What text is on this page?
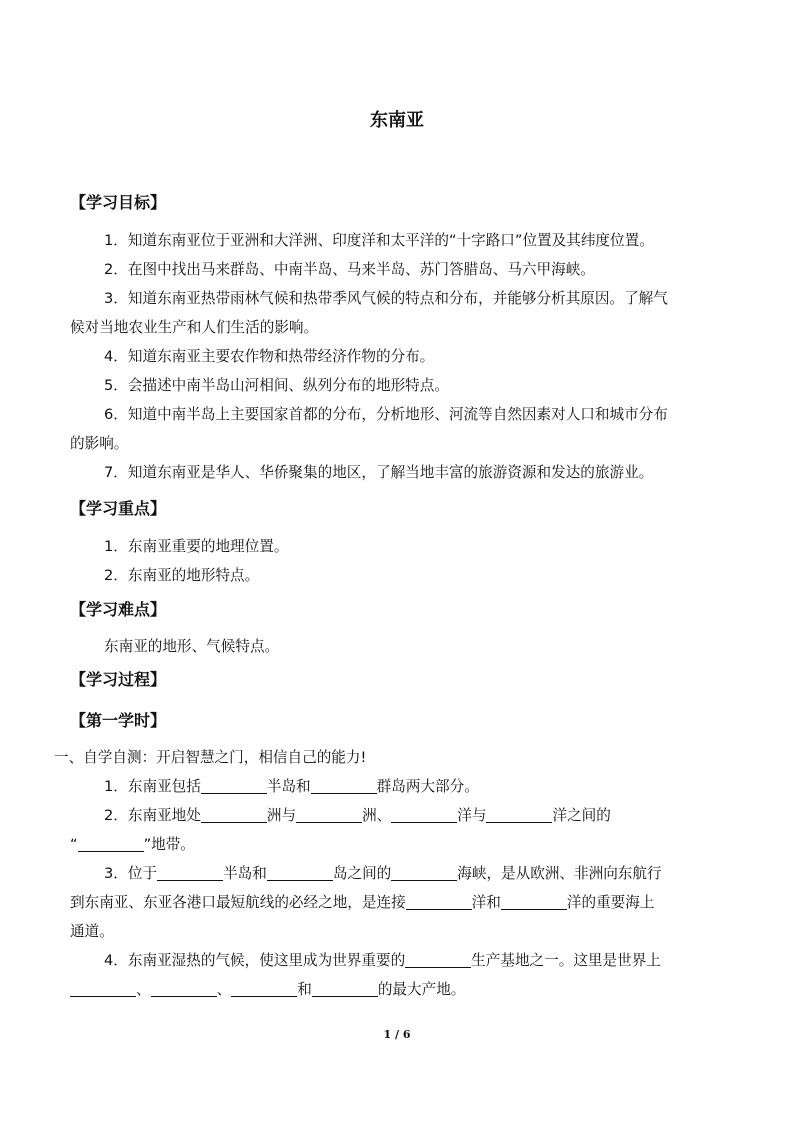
东南亚
【学习目标】
1．知道东南亚位于亚洲和大洋洲、印度洋和太平洋的“十字路口”位置及其纬度位置。
2．在图中找出马来群岛、中南半岛、马来半岛、苏门答腊岛、马六甲海峡。
3．知道东南亚热带雨林气候和热带季风气候的特点和分布，并能够分析其原因。了解气
候对当地农业生产和人们生活的影响。
4．知道东南亚主要农作物和热带经济作物的分布。
5．会描述中南半岛山河相间、纵列分布的地形特点。
6．知道中南半岛上主要国家首都的分布，分析地形、河流等自然因素对人口和城市分布
的影响。
7．知道东南亚是华人、华侨聚集的地区，了解当地丰富的旅游资源和发达的旅游业。
【学习重点】
1．东南亚重要的地理位置。
2．东南亚的地形特点。
【学习难点】
东南亚的地形、气候特点。
【学习过程】
【第一学时】
一、自学自测：开启智慧之门，相信自己的能力!
1．东南亚包括	半岛和	群岛两大部分。
2．东南亚地处	洲与	洲、	洋与	洋之间的
“	”地带。
3．位于	半岛和	岛之间的	海峡，是从欧洲、非洲向东航行
到东南亚、东亚各港口最短航线的必经之地，是连接	洋和	洋的重要海上
通道。
4．东南亚湿热的气候，使这里成为世界重要的	生产基地之一。这里是世界上
、	、	和	的最大产地。
1 / 6
